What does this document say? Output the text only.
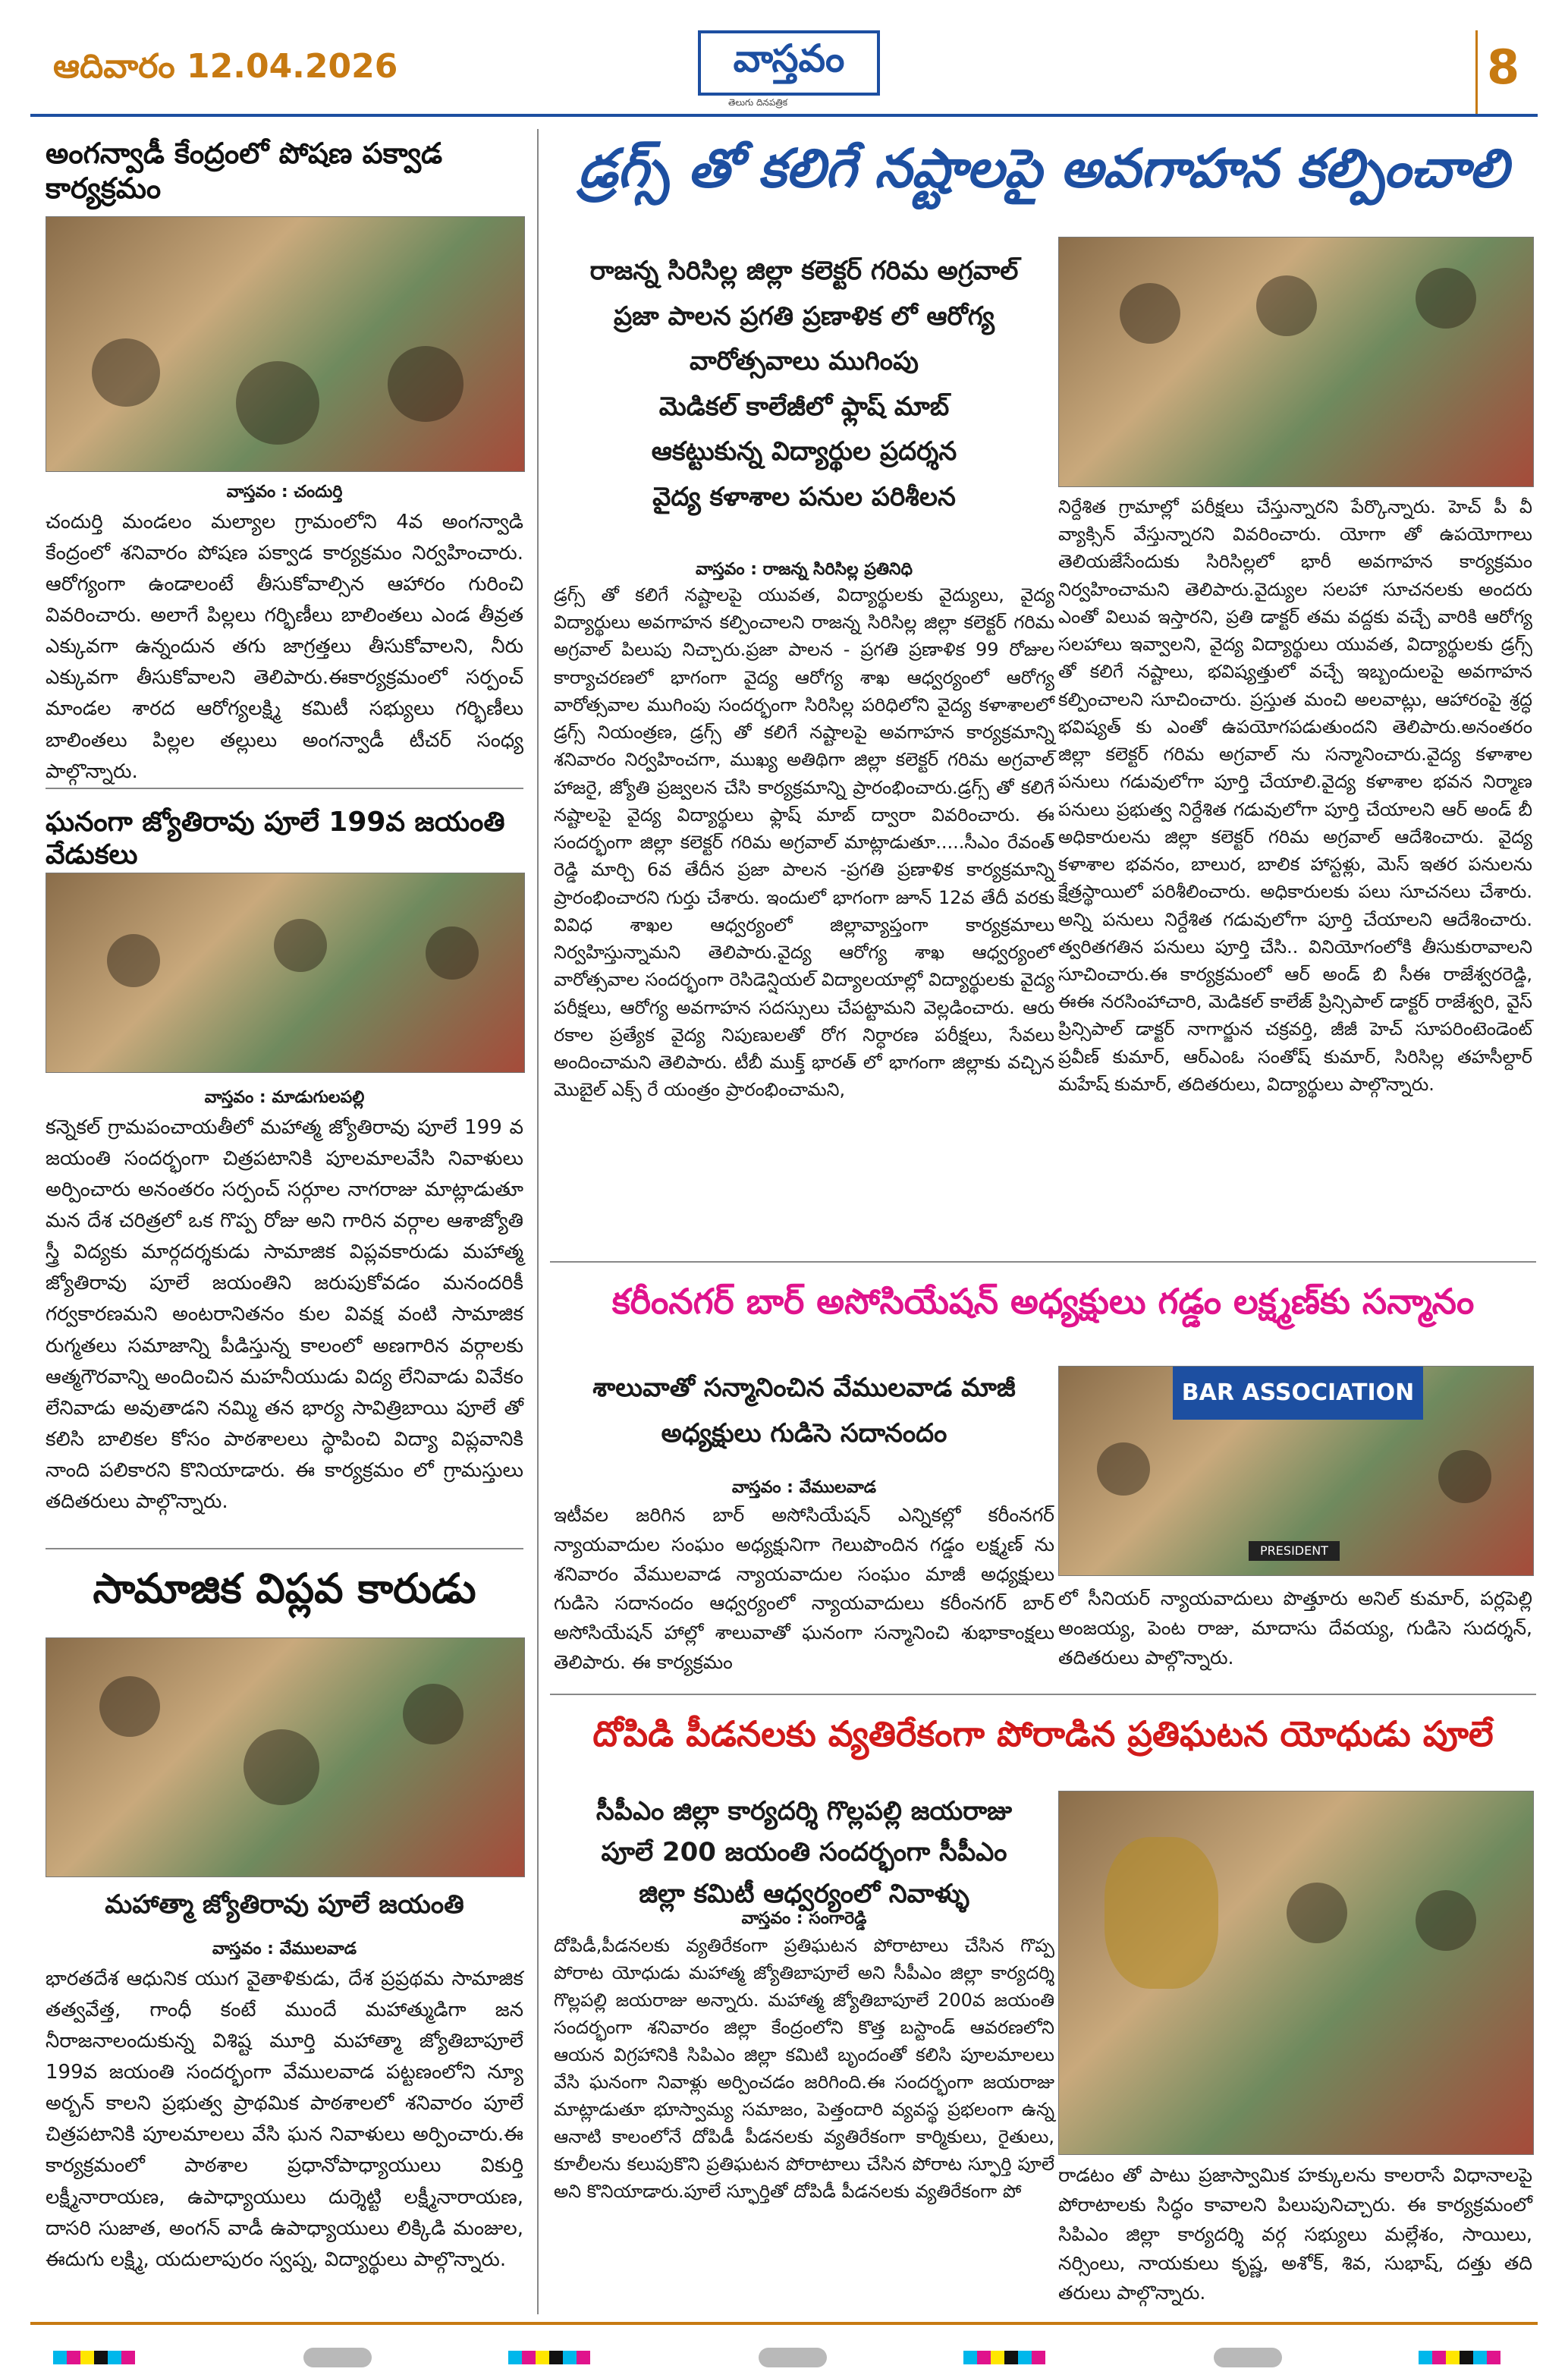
ఆదివారం 12.04.2026	వాస్తవం
తెలుగు దినపత్రిక
8
అంగన్వాడీ కేంద్రంలో పోషణ పక్వాడ కార్యక్రమం
వాస్తవం : చందుర్తి
చందుర్తి మండలం మల్యాల గ్రామంలోని 4వ అంగన్వాడి కేంద్రంలో శనివారం పోషణ పక్వాడ కార్యక్రమం నిర్వహించారు. ఆరోగ్యంగా ఉండాలంటే తీసుకోవాల్సిన ఆహారం గురించి వివరించారు. అలాగే పిల్లలు గర్భిణీలు బాలింతలు ఎండ తీవ్రత ఎక్కువగా ఉన్నందున తగు జాగ్రత్తలు తీసుకోవాలని, నీరు ఎక్కువగా తీసుకోవాలని తెలిపారు.ఈకార్యక్రమంలో సర్పంచ్ మాండల శారద ఆరోగ్యలక్ష్మి కమిటీ సభ్యులు గర్భిణీలు బాలింతలు పిల్లల తల్లులు అంగన్వాడీ టీచర్ సంధ్య పాల్గొన్నారు.
ఘనంగా జ్యోతిరావు పూలే 199వ జయంతి వేడుకలు
వాస్తవం : మాడుగులపల్లి
కన్నెకల్ గ్రామపంచాయతీలో మహాత్మ జ్యోతిరావు పూలే 199 వ జయంతి సందర్భంగా చిత్రపటానికి పూలమాలవేసి నివాళులు అర్పించారు అనంతరం సర్పంచ్ సర్గూల నాగరాజు మాట్లాడుతూ మన దేశ చరిత్రలో ఒక గొప్ప రోజు అని గారిన వర్గాల ఆశాజ్యోతి స్త్రీ విద్యకు మార్గదర్శకుడు సామాజిక విప్లవకారుడు మహాత్మ జ్యోతిరావు పూలే జయంతిని జరుపుకోవడం మనందరికీ గర్వకారణమని అంటరానితనం కుల వివక్ష వంటి సామాజిక రుగ్మతలు సమాజాన్ని పీడిస్తున్న కాలంలో అణగారిన వర్గాలకు ఆత్మగౌరవాన్ని అందించిన మహనీయుడు విద్య లేనివాడు వివేకం లేనివాడు అవుతాడని నమ్మి తన భార్య సావిత్రిబాయి పూలే తో కలిసి బాలికల కోసం పాఠశాలలు స్థాపించి విద్యా విప్లవానికి నాంది పలికారని కొనియాడారు. ఈ కార్యక్రమం లో గ్రామస్తులు తదితరులు పాల్గొన్నారు.
సామాజిక విప్లవ కారుడు
మహాత్మా జ్యోతిరావు పూలే జయంతి
వాస్తవం : వేములవాడ
భారతదేశ ఆధునిక యుగ వైతాళికుడు, దేశ ప్రప్రథమ సామాజిక తత్వవేత్త, గాంధీ కంటే ముందే మహాత్ముడిగా జన నీరాజనాలందుకున్న విశిష్ట మూర్తి మహాత్మా జ్యోతిబాపూలే 199వ జయంతి సందర్భంగా వేములవాడ పట్టణంలోని న్యూ అర్బన్ కాలని ప్రభుత్వ ప్రాథమిక పాఠశాలలో శనివారం పూలే చిత్రపటానికి పూలమాలలు వేసి ఘన నివాళులు అర్పించారు.ఈ కార్యక్రమంలో పాఠశాల ప్రధానోపాధ్యాయులు వికుర్తి లక్ష్మీనారాయణ, ఉపాధ్యాయులు దుర్శెట్టి లక్ష్మీనారాయణ, దాసరి సుజాత, అంగన్ వాడీ ఉపాధ్యాయులు లిక్కిడి మంజుల, ఈదుగు లక్ష్మి, యదులాపురం స్వప్న, విద్యార్థులు పాల్గొన్నారు.
డ్రగ్స్ తో కలిగే నష్టాలపై అవగాహన కల్పించాలి
రాజన్న సిరిసిల్ల జిల్లా కలెక్టర్ గరిమ అగ్రవాల్
ప్రజా పాలన ప్రగతి ప్రణాళిక లో ఆరోగ్య
వారోత్సవాలు ముగింపు
మెడికల్ కాలేజీలో ఫ్లాష్ మాబ్
ఆకట్టుకున్న విద్యార్థుల ప్రదర్శన
వైద్య కళాశాల పనుల పరిశీలన
వాస్తవం : రాజన్న సిరిసిల్ల ప్రతినిధి
డ్రగ్స్ తో కలిగే నష్టాలపై యువత, విద్యార్థులకు వైద్యులు, వైద్య విద్యార్థులు అవగాహన కల్పించాలని రాజన్న సిరిసిల్ల జిల్లా కలెక్టర్ గరిమ అగ్రవాల్ పిలుపు నిచ్చారు.ప్రజా పాలన - ప్రగతి ప్రణాళిక 99 రోజుల కార్యాచరణలో భాగంగా వైద్య ఆరోగ్య శాఖ ఆధ్వర్యంలో ఆరోగ్య వారోత్సవాల ముగింపు సందర్భంగా సిరిసిల్ల పరిధిలోని వైద్య కళాశాలలో డ్రగ్స్ నియంత్రణ, డ్రగ్స్ తో కలిగే నష్టాలపై అవగాహన కార్యక్రమాన్ని శనివారం నిర్వహించగా, ముఖ్య అతిథిగా జిల్లా కలెక్టర్ గరిమ అగ్రవాల్ హాజరై, జ్యోతి ప్రజ్వలన చేసి కార్యక్రమాన్ని ప్రారంభించారు.డ్రగ్స్ తో కలిగే నష్టాలపై వైద్య విద్యార్థులు ఫ్లాష్ మాబ్ ద్వారా వివరించారు. ఈ సందర్భంగా జిల్లా కలెక్టర్ గరిమ అగ్రవాల్ మాట్లాడుతూ.....సీఎం రేవంత్ రెడ్డి మార్చి 6వ తేదీన ప్రజా పాలన -ప్రగతి ప్రణాళిక కార్యక్రమాన్ని ప్రారంభించారని గుర్తు చేశారు. ఇందులో భాగంగా జూన్ 12వ తేదీ వరకు వివిధ శాఖల ఆధ్వర్యంలో జిల్లావ్యాప్తంగా కార్యక్రమాలు నిర్వహిస్తున్నామని తెలిపారు.వైద్య ఆరోగ్య శాఖ ఆధ్వర్యంలో వారోత్సవాల సందర్భంగా రెసిడెన్షియల్ విద్యాలయాల్లో విద్యార్థులకు వైద్య పరీక్షలు, ఆరోగ్య అవగాహన సదస్సులు చేపట్టామని వెల్లడించారు. ఆరు రకాల ప్రత్యేక వైద్య నిపుణులతో రోగ నిర్ధారణ పరీక్షలు, సేవలు అందించామని తెలిపారు. టీబీ ముక్త్ భారత్ లో భాగంగా జిల్లాకు వచ్చిన మొబైల్ ఎక్స్ రే యంత్రం ప్రారంభించామని,
నిర్దేశిత గ్రామాల్లో పరీక్షలు చేస్తున్నారని పేర్కొన్నారు. హెచ్ పీ వీ వ్యాక్సిన్ వేస్తున్నారని వివరించారు. యోగా తో ఉపయోగాలు తెలియజేసేందుకు సిరిసిల్లలో భారీ అవగాహన కార్యక్రమం నిర్వహించామని తెలిపారు.వైద్యుల సలహా సూచనలకు అందరు ఎంతో విలువ ఇస్తారని, ప్రతి డాక్టర్ తమ వద్దకు వచ్చే వారికి ఆరోగ్య సలహాలు ఇవ్వాలని, వైద్య విద్యార్థులు యువత, విద్యార్థులకు డ్రగ్స్ తో కలిగే నష్టాలు, భవిష్యత్తులో వచ్చే ఇబ్బందులపై అవగాహన కల్పించాలని సూచించారు. ప్రస్తుత మంచి అలవాట్లు, ఆహారంపై శ్రద్ధ భవిష్యత్ కు ఎంతో ఉపయోగపడుతుందని తెలిపారు.అనంతరం జిల్లా కలెక్టర్ గరిమ అగ్రవాల్ ను సన్మానించారు.వైద్య కళాశాల పనులు గడువులోగా పూర్తి చేయాలి.వైద్య కళాశాల భవన నిర్మాణ పనులు ప్రభుత్వ నిర్దేశిత గడువులోగా పూర్తి చేయాలని ఆర్ అండ్ బీ అధికారులను జిల్లా కలెక్టర్ గరిమ అగ్రవాల్ ఆదేశించారు. వైద్య కళాశాల భవనం, బాలుర, బాలిక హాస్టళ్లు, మెస్ ఇతర పనులను క్షేత్రస్థాయిలో పరిశీలించారు. అధికారులకు పలు సూచనలు చేశారు. అన్ని పనులు నిర్దేశిత గడువులోగా పూర్తి చేయాలని ఆదేశించారు. త్వరితగతిన పనులు పూర్తి చేసి.. వినియోగంలోకి తీసుకురావాలని సూచించారు.ఈ కార్యక్రమంలో ఆర్ అండ్ బి సీఈ రాజేశ్వరరెడ్డి, ఈఈ నరసింహాచారి, మెడికల్ కాలేజ్ ప్రిన్సిపాల్ డాక్టర్ రాజేశ్వరి, వైస్ ప్రిన్సిపాల్ డాక్టర్ నాగార్జున చక్రవర్తి, జీజీ హెచ్ సూపరింటెండెంట్ ప్రవీణ్ కుమార్, ఆర్ఎంఓ సంతోష్ కుమార్, సిరిసిల్ల తహసీల్దార్ మహేష్ కుమార్, తదితరులు, విద్యార్థులు పాల్గొన్నారు.
కరీంనగర్ బార్ అసోసియేషన్ అధ్యక్షులు గడ్డం లక్ష్మణ్‌కు సన్మానం
శాలువాతో సన్మానించిన వేములవాడ మాజీ
అధ్యక్షులు గుడిసె సదానందం
BAR ASSOCIATION
PRESIDENT
వాస్తవం : వేములవాడ
ఇటీవల జరిగిన బార్ అసోసియేషన్ ఎన్నికల్లో కరీంనగర్ న్యాయవాదుల సంఘం అధ్యక్షునిగా గెలుపొందిన గడ్డం లక్ష్మణ్ ను శనివారం వేములవాడ న్యాయవాదుల సంఘం మాజీ అధ్యక్షులు గుడిసె సదానందం ఆధ్వర్యంలో న్యాయవాదులు కరీంనగర్ బార్ అసోసియేషన్ హాల్లో శాలువాతో ఘనంగా సన్మానించి శుభాకాంక్షలు తెలిపారు. ఈ కార్యక్రమం
లో సీనియర్ న్యాయవాదులు పొత్తూరు అనిల్ కుమార్, పర్లపెల్లి అంజయ్య, పెంట రాజు, మాదాసు దేవయ్య, గుడిసె సుదర్శన్, తదితరులు పాల్గొన్నారు.
దోపిడి పీడనలకు వ్యతిరేకంగా పోరాడిన ప్రతిఘటన యోధుడు పూలే
సీపీఎం జిల్లా కార్యదర్శి గొల్లపల్లి జయరాజు
పూలే 200 జయంతి సందర్భంగా సీపీఎం
జిల్లా కమిటీ ఆధ్వర్యంలో నివాళ్ళు
వాస్తవం : సంగారెడ్డి
దోపిడీ,పీడనలకు వ్యతిరేకంగా ప్రతిఘటన పోరాటాలు చేసిన గొప్ప పోరాట యోధుడు మహాత్మ జ్యోతిబాపూలే అని సీపీఎం జిల్లా కార్యదర్శి గొల్లపల్లి జయరాజు అన్నారు. మహాత్మ జ్యోతిబాపూలే 200వ జయంతి సందర్భంగా శనివారం జిల్లా కేంద్రంలోని కొత్త బస్టాండ్ ఆవరణలోని ఆయన విగ్రహానికి సిపిఎం జిల్లా కమిటి బృందంతో కలిసి పూలమాలలు వేసి ఘనంగా నివాళ్లు అర్పించడం జరిగింది.ఈ సందర్భంగా జయరాజు మాట్లాడుతూ భూస్వామ్య సమాజం, పెత్తందారి వ్యవస్థ ప్రభలంగా ఉన్న ఆనాటి కాలంలోనే దోపిడీ పీడనలకు వ్యతిరేకంగా కార్మికులు, రైతులు, కూలీలను కలుపుకొని ప్రతిఘటన పోరాటాలు చేసిన పోరాట స్ఫూర్తి పూలే అని కొనియాడారు.పూలే స్ఫూర్తితో దోపిడీ పీడనలకు వ్యతిరేకంగా పో
రాడటం తో పాటు ప్రజాస్వామిక హక్కులను కాలరాసే విధానాలపై పోరాటాలకు సిద్ధం కావాలని పిలుపునిచ్చారు. ఈ కార్యక్రమంలో సిపిఎం జిల్లా కార్యదర్శి వర్గ సభ్యులు మల్లేశం, సాయిలు, నర్సింలు, నాయకులు కృష్ణ, అశోక్, శివ, సుభాష్, దత్తు తది తరులు పాల్గొన్నారు.
